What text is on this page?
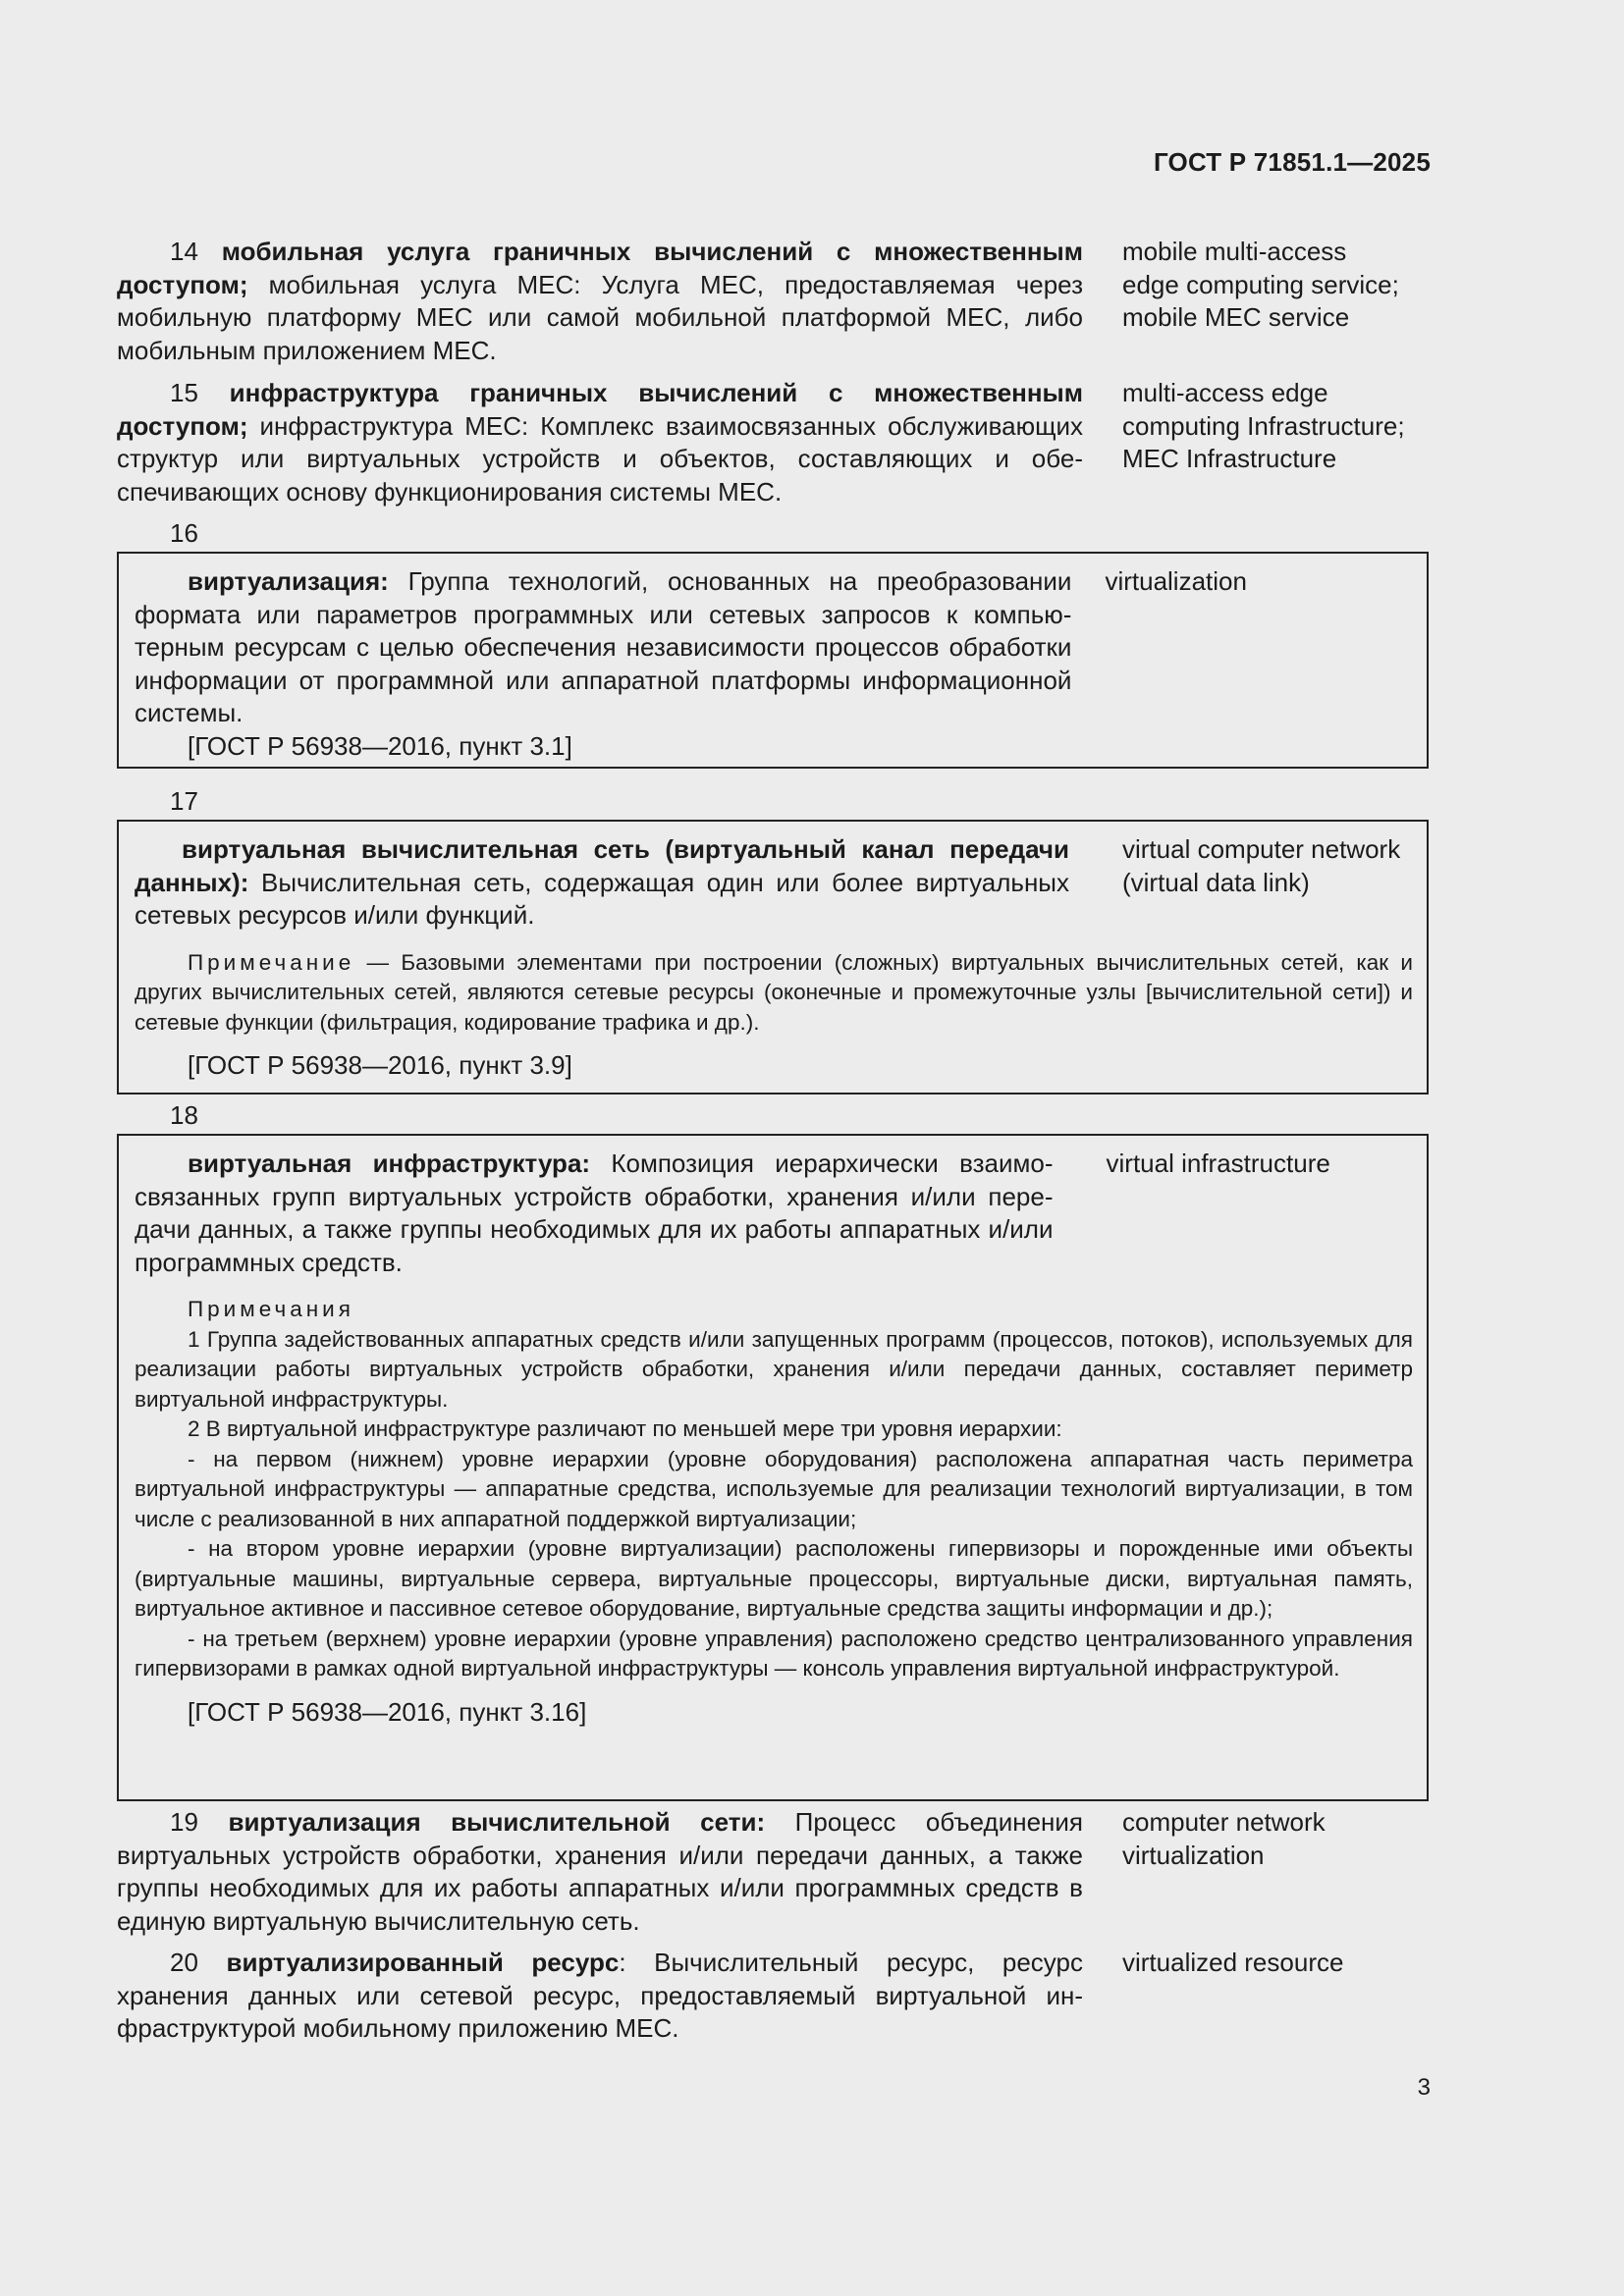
ГОСТ Р 71851.1—2025
14 мобильная услуга граничных вычислений с множественным доступом; мобильная услуга MEC: Услуга MEC, предоставляемая через мобильную платформу MEC или самой мобильной платформой MEC, либо мобильным приложением MEC.
mobile multi-access
edge computing service;
mobile MEC service
15 инфраструктура граничных вычислений с множественным доступом; инфраструктура MEC: Комплекс взаимосвязанных обслуживающих структур или виртуальных устройств и объектов, составляющих и обеспечивающих основу функционирования системы MEC.
multi-access edge
computing Infrastructure;
MEC Infrastructure
16
виртуализация: Группа технологий, основанных на преобразовании формата или параметров программных или сетевых запросов к компьютерным ресурсам с целью обеспечения независимости процессов обработки информации от программной или аппаратной платформы информационной системы.
virtualization
[ГОСТ Р 56938—2016, пункт 3.1]
17
виртуальная вычислительная сеть (виртуальный канал передачи данных): Вычислительная сеть, содержащая один или более виртуальных сетевых ресурсов и/или функций.
virtual computer network
(virtual data link)
Примечание — Базовыми элементами при построении (сложных) виртуальных вычислительных сетей, как и других вычислительных сетей, являются сетевые ресурсы (оконечные и промежуточные узлы [вычислительной сети]) и сетевые функции (фильтрация, кодирование трафика и др.).
[ГОСТ Р 56938—2016, пункт 3.9]
18
виртуальная инфраструктура: Композиция иерархически взаимосвязанных групп виртуальных устройств обработки, хранения и/или передачи данных, а также группы необходимых для их работы аппаратных и/или программных средств.
virtual infrastructure
Примечания
1 Группа задействованных аппаратных средств и/или запущенных программ (процессов, потоков), используемых для реализации работы виртуальных устройств обработки, хранения и/или передачи данных, составляет периметр виртуальной инфраструктуры.
2 В виртуальной инфраструктуре различают по меньшей мере три уровня иерархии:
- на первом (нижнем) уровне иерархии (уровне оборудования) расположена аппаратная часть периметра виртуальной инфраструктуры — аппаратные средства, используемые для реализации технологий виртуализации, в том числе с реализованной в них аппаратной поддержкой виртуализации;
- на втором уровне иерархии (уровне виртуализации) расположены гипервизоры и порожденные ими объекты (виртуальные машины, виртуальные сервера, виртуальные процессоры, виртуальные диски, виртуальная память, виртуальное активное и пассивное сетевое оборудование, виртуальные средства защиты информации и др.);
- на третьем (верхнем) уровне иерархии (уровне управления) расположено средство централизованного управления гипервизорами в рамках одной виртуальной инфраструктуры — консоль управления виртуальной инфраструктурой.
[ГОСТ Р 56938—2016, пункт 3.16]
19 виртуализация вычислительной сети: Процесс объединения виртуальных устройств обработки, хранения и/или передачи данных, а также группы необходимых для их работы аппаратных и/или программных средств в единую виртуальную вычислительную сеть.
computer network
virtualization
20 виртуализированный ресурс: Вычислительный ресурс, ресурс хранения данных или сетевой ресурс, предоставляемый виртуальной инфраструктурой мобильному приложению MEC.
virtualized resource
3
